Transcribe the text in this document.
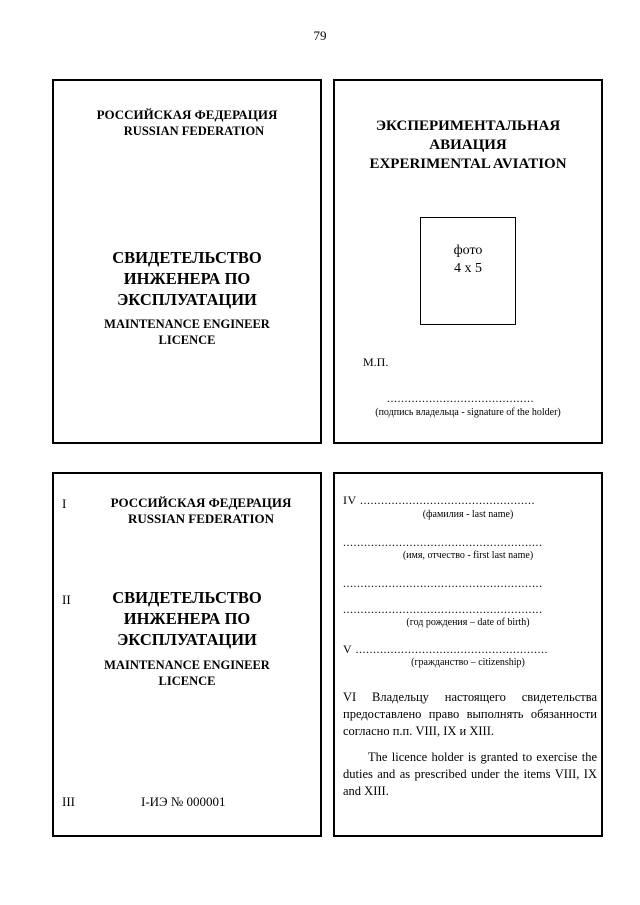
79
РОССИЙСКАЯ ФЕДЕРАЦИЯ
RUSSIAN FEDERATION
СВИДЕТЕЛЬСТВО
ИНЖЕНЕРА ПО ЭКСПЛУАТАЦИИ
MAINTENANCE ENGINEER
LICENCE
ЭКСПЕРИМЕНТАЛЬНАЯ
АВИАЦИЯ
EXPERIMENTAL AVIATION
фото
4 x 5
М.П.
..........................................
(подпись владельца - signature of the holder)
I	РОССИЙСКАЯ ФЕДЕРАЦИЯ
RUSSIAN FEDERATION
II	СВИДЕТЕЛЬСТВО
ИНЖЕНЕРА ПО ЭКСПЛУАТАЦИИ
MAINTENANCE ENGINEER
LICENCE
III	I-ИЭ № 000001
IV ..................................................
(фамилия - last name)
.........................................................
(имя, отчество - first last name)
.........................................................
.........................................................
(год рождения – date of birth)
V .......................................................
(гражданство – citizenship)
VI Владельцу настоящего свидетельства предоставлено право выполнять обязанности согласно п.п. VIII, IX и XIII.
The licence holder is granted to exercise the duties and as prescribed under the items VIII, IX and XIII.
